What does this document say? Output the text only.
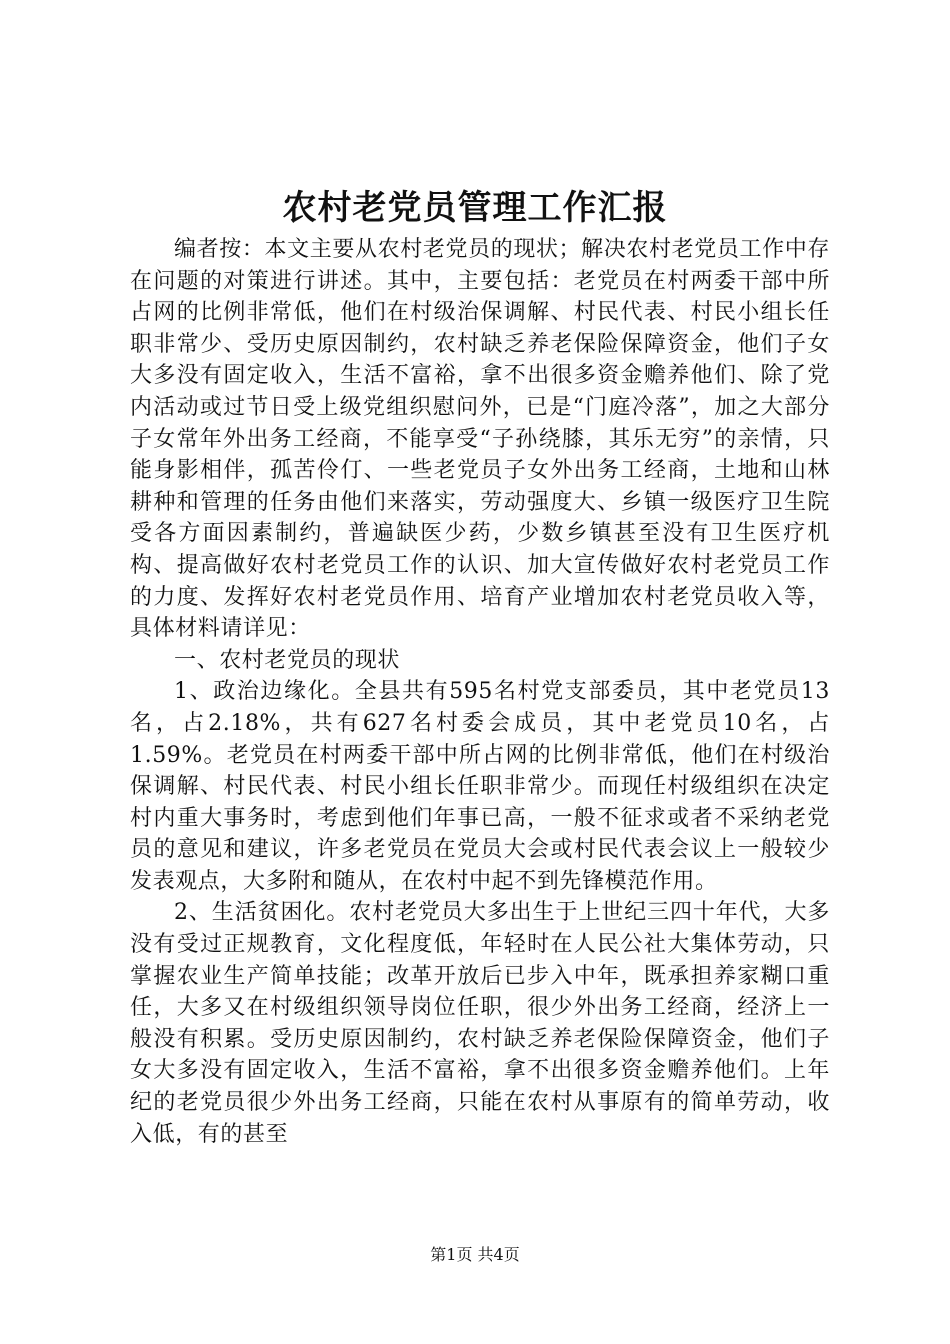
农村老党员管理工作汇报

编者按：本文主要从农村老党员的现状；解决农村老党员工作中存在问题的对策进行讲述。其中，主要包括：老党员在村两委干部中所占网的比例非常低，他们在村级治保调解、村民代表、村民小组长任职非常少、受历史原因制约，农村缺乏养老保险保障资金，他们子女大多没有固定收入，生活不富裕，拿不出很多资金赡养他们、除了党内活动或过节日受上级党组织慰问外，已是“门庭冷落”，加之大部分子女常年外出务工经商，不能享受“子孙绕膝，其乐无穷”的亲情，只能身影相伴，孤苦伶仃、一些老党员子女外出务工经商，土地和山林耕种和管理的任务由他们来落实，劳动强度大、乡镇一级医疗卫生院受各方面因素制约，普遍缺医少药，少数乡镇甚至没有卫生医疗机构、提高做好农村老党员工作的认识、加大宣传做好农村老党员工作的力度、发挥好农村老党员作用、培育产业增加农村老党员收入等，具体材料请详见：

一、农村老党员的现状

1、政治边缘化。全县共有595名村党支部委员，其中老党员13名，占2.18%，共有627名村委会成员，其中老党员10名，占1.59%。老党员在村两委干部中所占网的比例非常低，他们在村级治保调解、村民代表、村民小组长任职非常少。而现任村级组织在决定村内重大事务时，考虑到他们年事已高，一般不征求或者不采纳老党员的意见和建议，许多老党员在党员大会或村民代表会议上一般较少发表观点，大多附和随从，在农村中起不到先锋模范作用。

2、生活贫困化。农村老党员大多出生于上世纪三四十年代，大多没有受过正规教育，文化程度低，年轻时在人民公社大集体劳动，只掌握农业生产简单技能；改革开放后已步入中年，既承担养家糊口重任，大多又在村级组织领导岗位任职，很少外出务工经商，经济上一般没有积累。受历史原因制约，农村缺乏养老保险保障资金，他们子女大多没有固定收入，生活不富裕，拿不出很多资金赡养他们。上年纪的老党员很少外出务工经商，只能在农村从事原有的简单劳动，收入低，有的甚至

第1页 共4页
